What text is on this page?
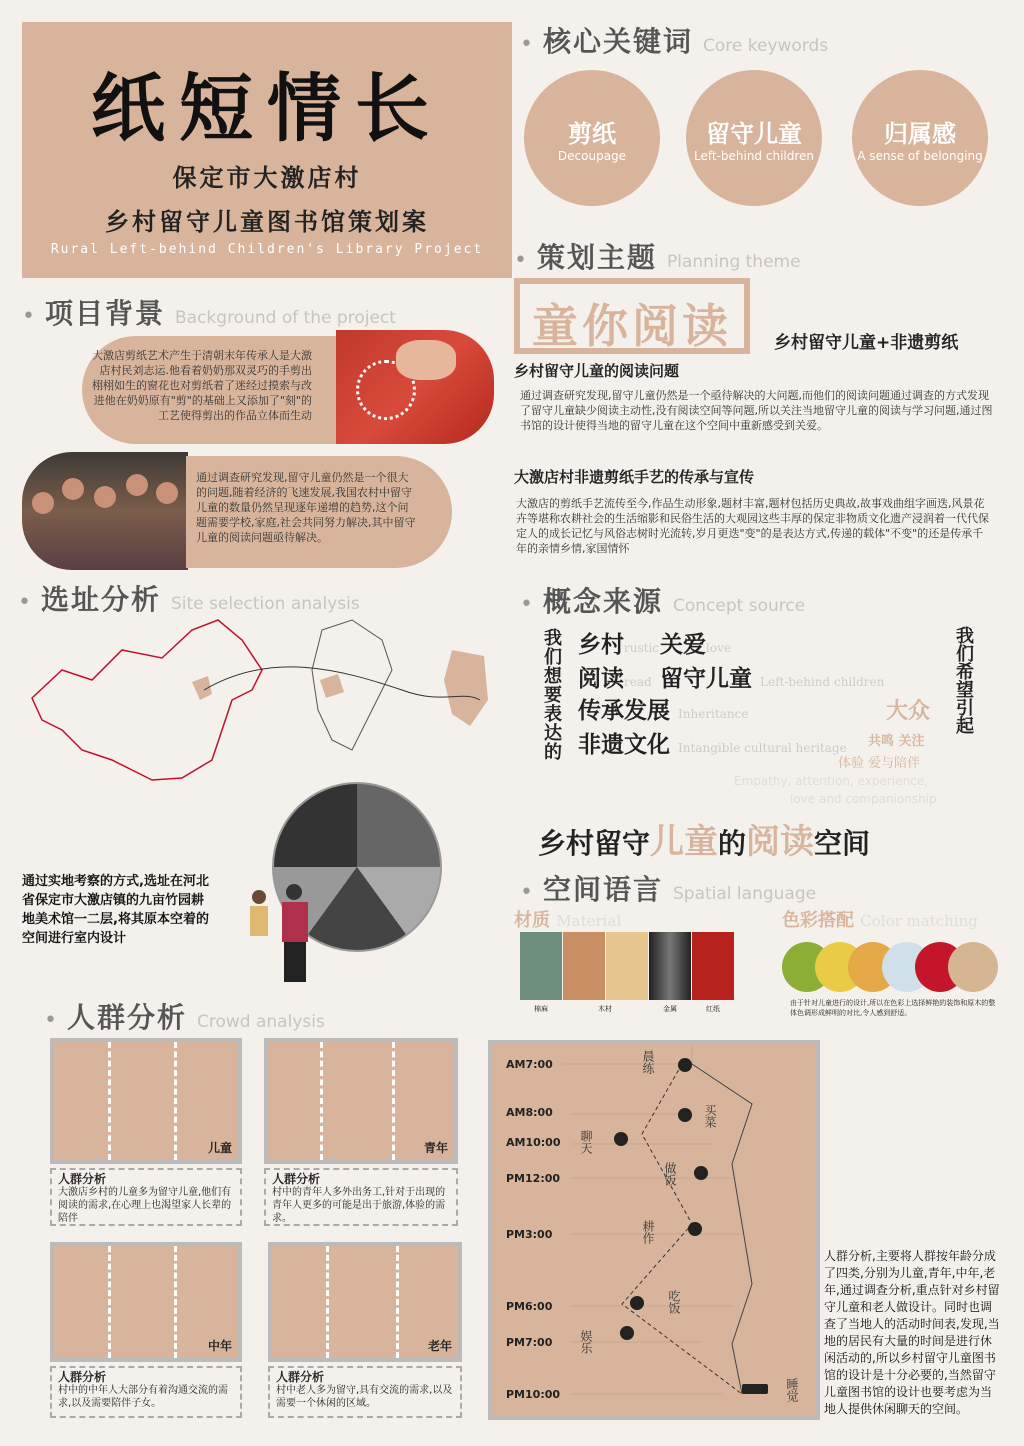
纸短情长
保定市大激店村
乡村留守儿童图书馆策划案
Rural Left-behind Children's Library Project
• 核心关键词 Core keywords
剪纸
Decoupage
留守儿童
Left-behind children
归属感
A sense of belonging
• 策划主题 Planning theme
童你阅读	乡村留守儿童+非遗剪纸
乡村留守儿童的阅读问题
通过调查研究发现,留守儿童仍然是一个亟待解决的大问题,而他们的阅读问题通过调查的方式发现了留守儿童缺少阅读主动性,没有阅读空间等问题,所以关注当地留守儿童的阅读与学习问题,通过图书馆的设计使得当地的留守儿童在这个空间中重新感受到关爱。
大激店村非遗剪纸手艺的传承与宣传
大激店的剪纸手艺流传至今,作品生动形象,题材丰富,题材包括历史典故,故事戏曲组字画迭,风景花卉等堪称农耕社会的生活缩影和民俗生活的大观园这些丰厚的保定非物质文化遗产浸润着一代代保定人的成长记忆与风俗志树时光流转,岁月更迭"变"的是表达方式,传递的载体"不变"的还是传承千年的亲情乡情,家国情怀
• 项目背景 Background of the project
大激店剪纸艺术产生于清朝末年传承人是大激店村民刘志运.他看着奶奶那双灵巧的手剪出栩栩如生的窗花也对剪纸着了迷经过摸索与改进他在奶奶原有"剪"的基础上又添加了"刻"的工艺使得剪出的作品立体而生动
通过调查研究发现,留守儿童仍然是一个很大的问题,随着经济的飞速发展,我国农村中留守儿童的数量仍然呈现逐年递增的趋势,这个问题需要学校,家庭,社会共同努力解决,其中留守儿童的阅读问题亟待解决。
• 选址分析 Site selection analysis
通过实地考察的方式,选址在河北省保定市大激店镇的九亩竹园耕地美术馆一二层,将其原本空着的空间进行室内设计
• 概念来源 Concept source
我们想要表达的	我们希望引起
乡村rustic 关爱love
阅读read 留守儿童 Left-behind children
传承发展 Inheritance
非遗文化 Intangible cultural heritage
大众
共鸣 关注
体验 爱与陪伴
Empathy, attention, experience,
love and companionship
乡村留守儿童的阅读空间
• 空间语言 Spatial language
材质 Material
棉麻	木材	金属	红纸
色彩搭配 Color matching
由于针对儿童进行的设计,所以在色彩上选择鲜艳的装饰和原木的整体色调形成鲜明的对比,令人感到舒适。
• 人群分析 Crowd analysis
儿童
人群分析
大激店乡村的儿童多为留守儿童,他们有阅读的需求,在心理上也渴望家人长辈的陪伴
青年
人群分析
村中的青年人多外出务工,针对于出现的青年人更多的可能是出于旅游,体验的需求。
中年
人群分析
村中的中年人大部分有着沟通交流的需求,以及需要陪伴子女。
老年
人群分析
村中老人多为留守,具有交流的需求,以及需要一个休闲的区域。
AM7:00
AM8:00
AM10:00
PM12:00
PM3:00
PM6:00
PM7:00
PM10:00
晨练
买菜
聊天
做饭
耕作
吃饭
娱乐
睡觉
人群分析,主要将人群按年龄分成了四类,分别为儿童,青年,中年,老年,通过调查分析,重点针对乡村留守儿童和老人做设计。同时也调查了当地人的活动时间表,发现,当地的居民有大量的时间是进行休闲活动的,所以乡村留守儿童图书馆的设计是十分必要的,当然留守儿童图书馆的设计也要考虑为当地人提供休闲聊天的空间。
